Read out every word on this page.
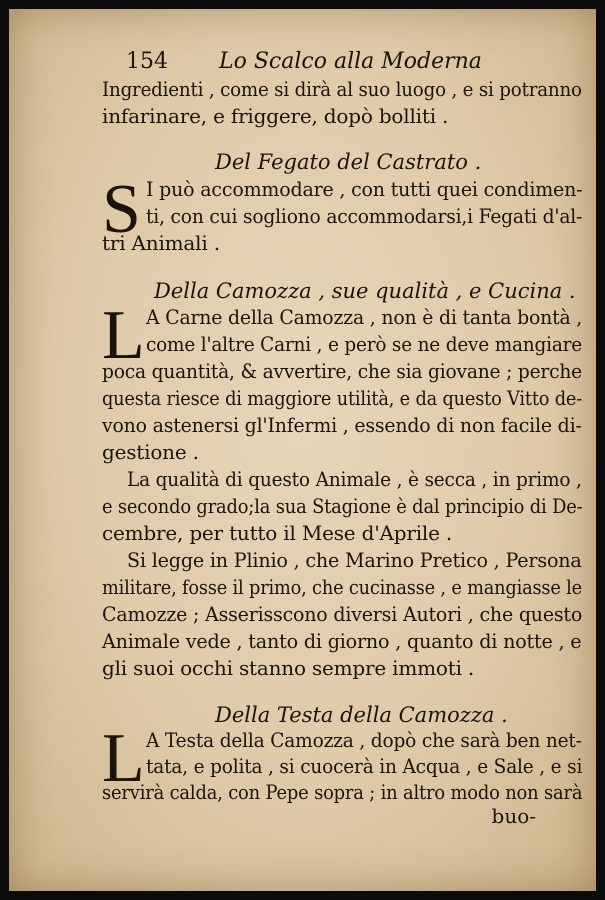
154 Lo Scalco alla Moderna
Ingredienti , come si dirà al suo luogo , e si potranno
infarinare, e friggere, dopò bolliti .
Del Fegato del Castrato .
S I può accommodare , con tutti quei condimen-
ti, con cui sogliono accommodarsi,i Fegati d'al-
tri Animali .
Della Camozza , sue qualità , e Cucina .
L A Carne della Camozza , non è di tanta bontà ,
come l'altre Carni , e però se ne deve mangiare
poca quantità, & avvertire, che sia giovane ; perche
questa riesce di maggiore utilità, e da questo Vitto de-
vono astenersi gl'Infermi , essendo di non facile di-
gestione .
La qualità di questo Animale , è secca , in primo ,
e secondo grado;la sua Stagione è dal principio di De-
cembre, per tutto il Mese d'Aprile .
Si legge in Plinio , che Marino Pretico , Persona
militare, fosse il primo, che cucinasse , e mangiasse le
Camozze ; Asserisscono diversi Autori , che questo
Animale vede , tanto di giorno , quanto di notte , e
gli suoi occhi stanno sempre immoti .
Della Testa della Camozza .
L A Testa della Camozza , dopò che sarà ben net-
tata, e polita , si cuocerà in Acqua , e Sale , e si
servirà calda, con Pepe sopra ; in altro modo non sarà
buo-
